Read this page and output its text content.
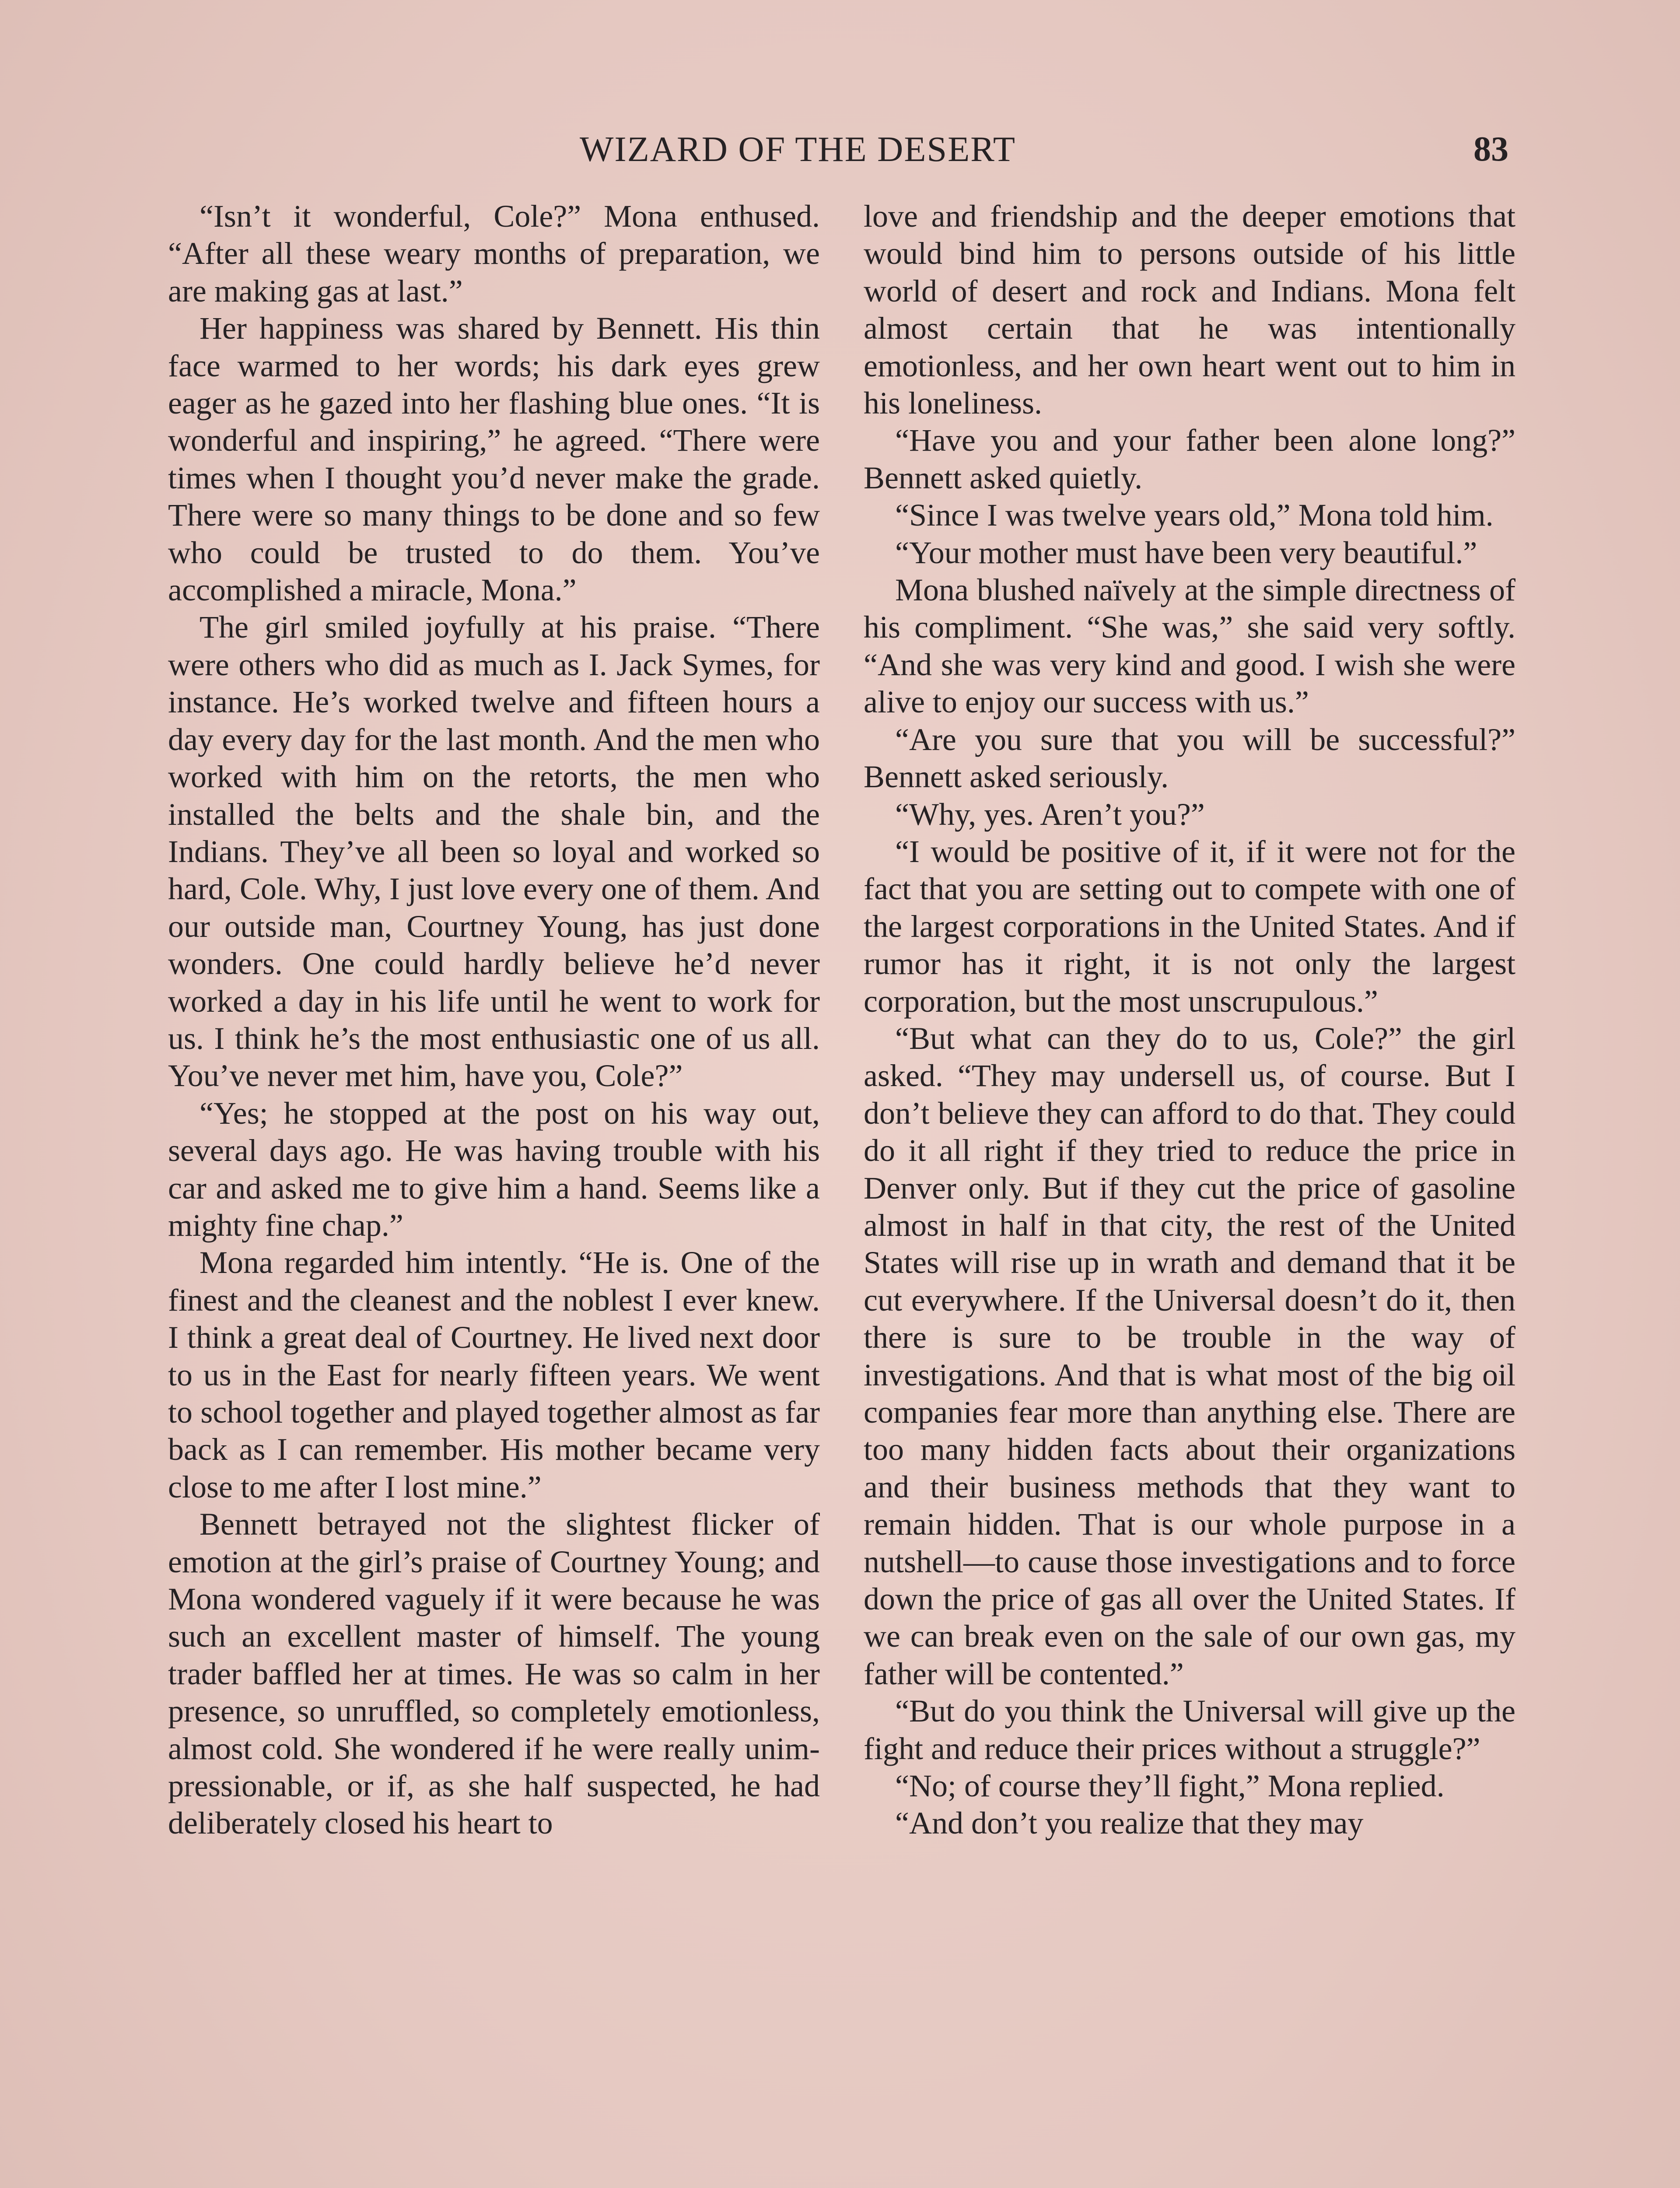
WIZARD OF THE DESERT	83

“Isn’t it wonderful, Cole?” Mona enthused. “After all these weary months of preparation, we are making gas at last.”

Her happiness was shared by Bennett. His thin face warmed to her words; his dark eyes grew eager as he gazed into her flashing blue ones. “It is wonderful and inspiring,” he agreed. “There were times when I thought you’d never make the grade. There were so many things to be done and so few who could be trusted to do them. You’ve accomplished a miracle, Mona.”

The girl smiled joyfully at his praise. “There were others who did as much as I. Jack Symes, for instance. He’s worked twelve and fifteen hours a day every day for the last month. And the men who worked with him on the retorts, the men who installed the belts and the shale bin, and the Indians. They’ve all been so loyal and worked so hard, Cole. Why, I just love every one of them. And our outside man, Courtney Young, has just done wonders. One could hardly believe he’d never worked a day in his life until he went to work for us. I think he’s the most enthusiastic one of us all. You’ve never met him, have you, Cole?”

“Yes; he stopped at the post on his way out, several days ago. He was having trouble with his car and asked me to give him a hand. Seems like a mighty fine chap.”

Mona regarded him intently. “He is. One of the finest and the cleanest and the noblest I ever knew. I think a great deal of Courtney. He lived next door to us in the East for nearly fifteen years. We went to school together and played together almost as far back as I can remember. His mother became very close to me after I lost mine.”

Bennett betrayed not the slightest flicker of emotion at the girl’s praise of Courtney Young; and Mona wondered vaguely if it were because he was such an excellent master of himself. The young trader baffled her at times. He was so calm in her presence, so unruffled, so completely emotionless, almost cold. She wondered if he were really unimpressionable, or if, as she half suspected, he had deliberately closed his heart to

love and friendship and the deeper emotions that would bind him to persons outside of his little world of desert and rock and Indians. Mona felt almost certain that he was intentionally emotionless, and her own heart went out to him in his loneliness.

“Have you and your father been alone long?” Bennett asked quietly.

“Since I was twelve years old,” Mona told him.

“Your mother must have been very beautiful.”

Mona blushed naïvely at the simple directness of his compliment. “She was,” she said very softly. “And she was very kind and good. I wish she were alive to enjoy our success with us.”

“Are you sure that you will be successful?” Bennett asked seriously.

“Why, yes. Aren’t you?”

“I would be positive of it, if it were not for the fact that you are setting out to compete with one of the largest corporations in the United States. And if rumor has it right, it is not only the largest corporation, but the most unscrupulous.”

“But what can they do to us, Cole?” the girl asked. “They may undersell us, of course. But I don’t believe they can afford to do that. They could do it all right if they tried to reduce the price in Denver only. But if they cut the price of gasoline almost in half in that city, the rest of the United States will rise up in wrath and demand that it be cut everywhere. If the Universal doesn’t do it, then there is sure to be trouble in the way of investigations. And that is what most of the big oil companies fear more than anything else. There are too many hidden facts about their organizations and their business methods that they want to remain hidden. That is our whole purpose in a nutshell—to cause those investigations and to force down the price of gas all over the United States. If we can break even on the sale of our own gas, my father will be contented.”

“But do you think the Universal will give up the fight and reduce their prices without a struggle?”

“No; of course they’ll fight,” Mona replied.

“And don’t you realize that they may
